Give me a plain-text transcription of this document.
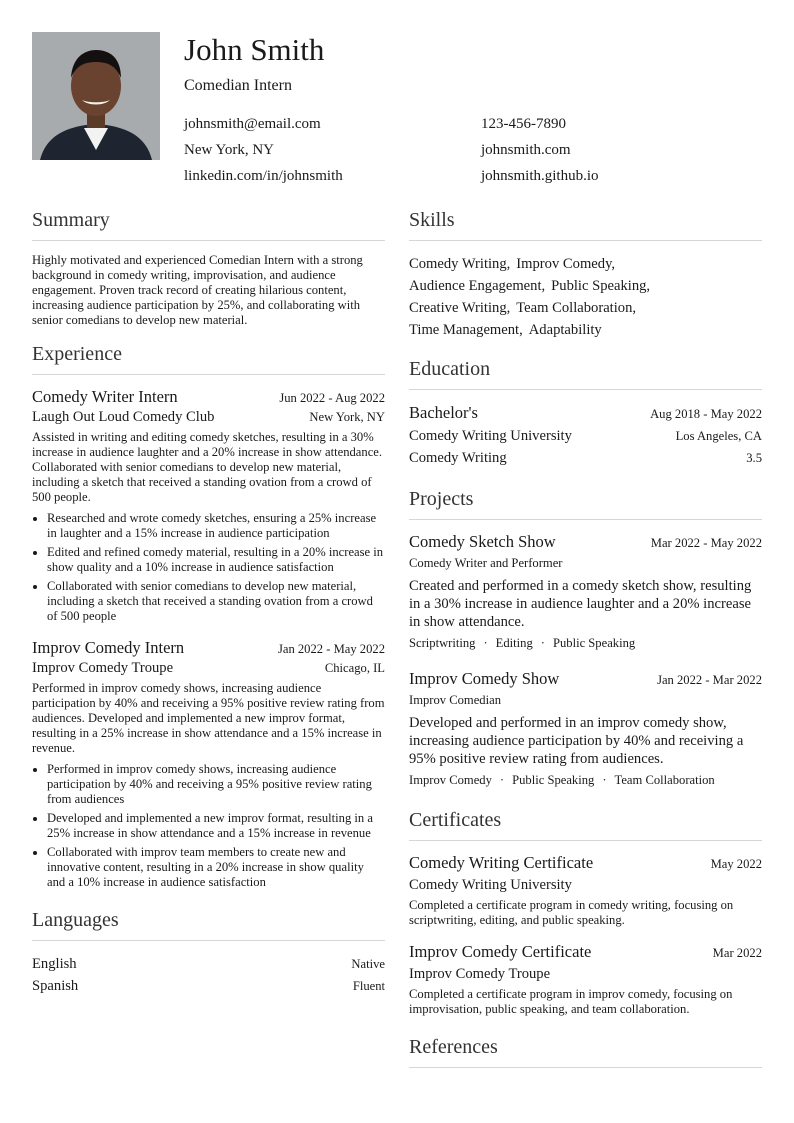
John Smith
Comedian Intern
johnsmith@email.com	123-456-7890
New York, NY	johnsmith.com
linkedin.com/in/johnsmith	johnsmith.github.io
Summary
Highly motivated and experienced Comedian Intern with a strong background in comedy writing, improvisation, and audience engagement. Proven track record of creating hilarious content, increasing audience participation by 25%, and collaborating with senior comedians to develop new material.
Experience
Comedy Writer Intern	Jun 2022 - Aug 2022
Laugh Out Loud Comedy Club	New York, NY
Assisted in writing and editing comedy sketches, resulting in a 30% increase in audience laughter and a 20% increase in show attendance. Collaborated with senior comedians to develop new material, including a sketch that received a standing ovation from a crowd of 500 people.
• Researched and wrote comedy sketches, ensuring a 25% increase in laughter and a 15% increase in audience participation
• Edited and refined comedy material, resulting in a 20% increase in show quality and a 10% increase in audience satisfaction
• Collaborated with senior comedians to develop new material, including a sketch that received a standing ovation from a crowd of 500 people
Improv Comedy Intern	Jan 2022 - May 2022
Improv Comedy Troupe	Chicago, IL
Performed in improv comedy shows, increasing audience participation by 40% and receiving a 95% positive review rating from audiences. Developed and implemented a new improv format, resulting in a 25% increase in show attendance and a 15% increase in revenue.
• Performed in improv comedy shows, increasing audience participation by 40% and receiving a 95% positive review rating from audiences
• Developed and implemented a new improv format, resulting in a 25% increase in show attendance and a 15% increase in revenue
• Collaborated with improv team members to create new and innovative content, resulting in a 20% increase in show quality and a 10% increase in audience satisfaction
Languages
English	Native
Spanish	Fluent
Skills
Comedy Writing, Improv Comedy,
Audience Engagement, Public Speaking,
Creative Writing, Team Collaboration,
Time Management, Adaptability
Education
Bachelor's	Aug 2018 - May 2022
Comedy Writing University	Los Angeles, CA
Comedy Writing	3.5
Projects
Comedy Sketch Show	Mar 2022 - May 2022
Comedy Writer and Performer
Created and performed in a comedy sketch show, resulting in a 30% increase in audience laughter and a 20% increase in show attendance.
Scriptwriting · Editing · Public Speaking
Improv Comedy Show	Jan 2022 - Mar 2022
Improv Comedian
Developed and performed in an improv comedy show, increasing audience participation by 40% and receiving a 95% positive review rating from audiences.
Improv Comedy · Public Speaking · Team Collaboration
Certificates
Comedy Writing Certificate	May 2022
Comedy Writing University
Completed a certificate program in comedy writing, focusing on scriptwriting, editing, and public speaking.
Improv Comedy Certificate	Mar 2022
Improv Comedy Troupe
Completed a certificate program in improv comedy, focusing on improvisation, public speaking, and team collaboration.
References
